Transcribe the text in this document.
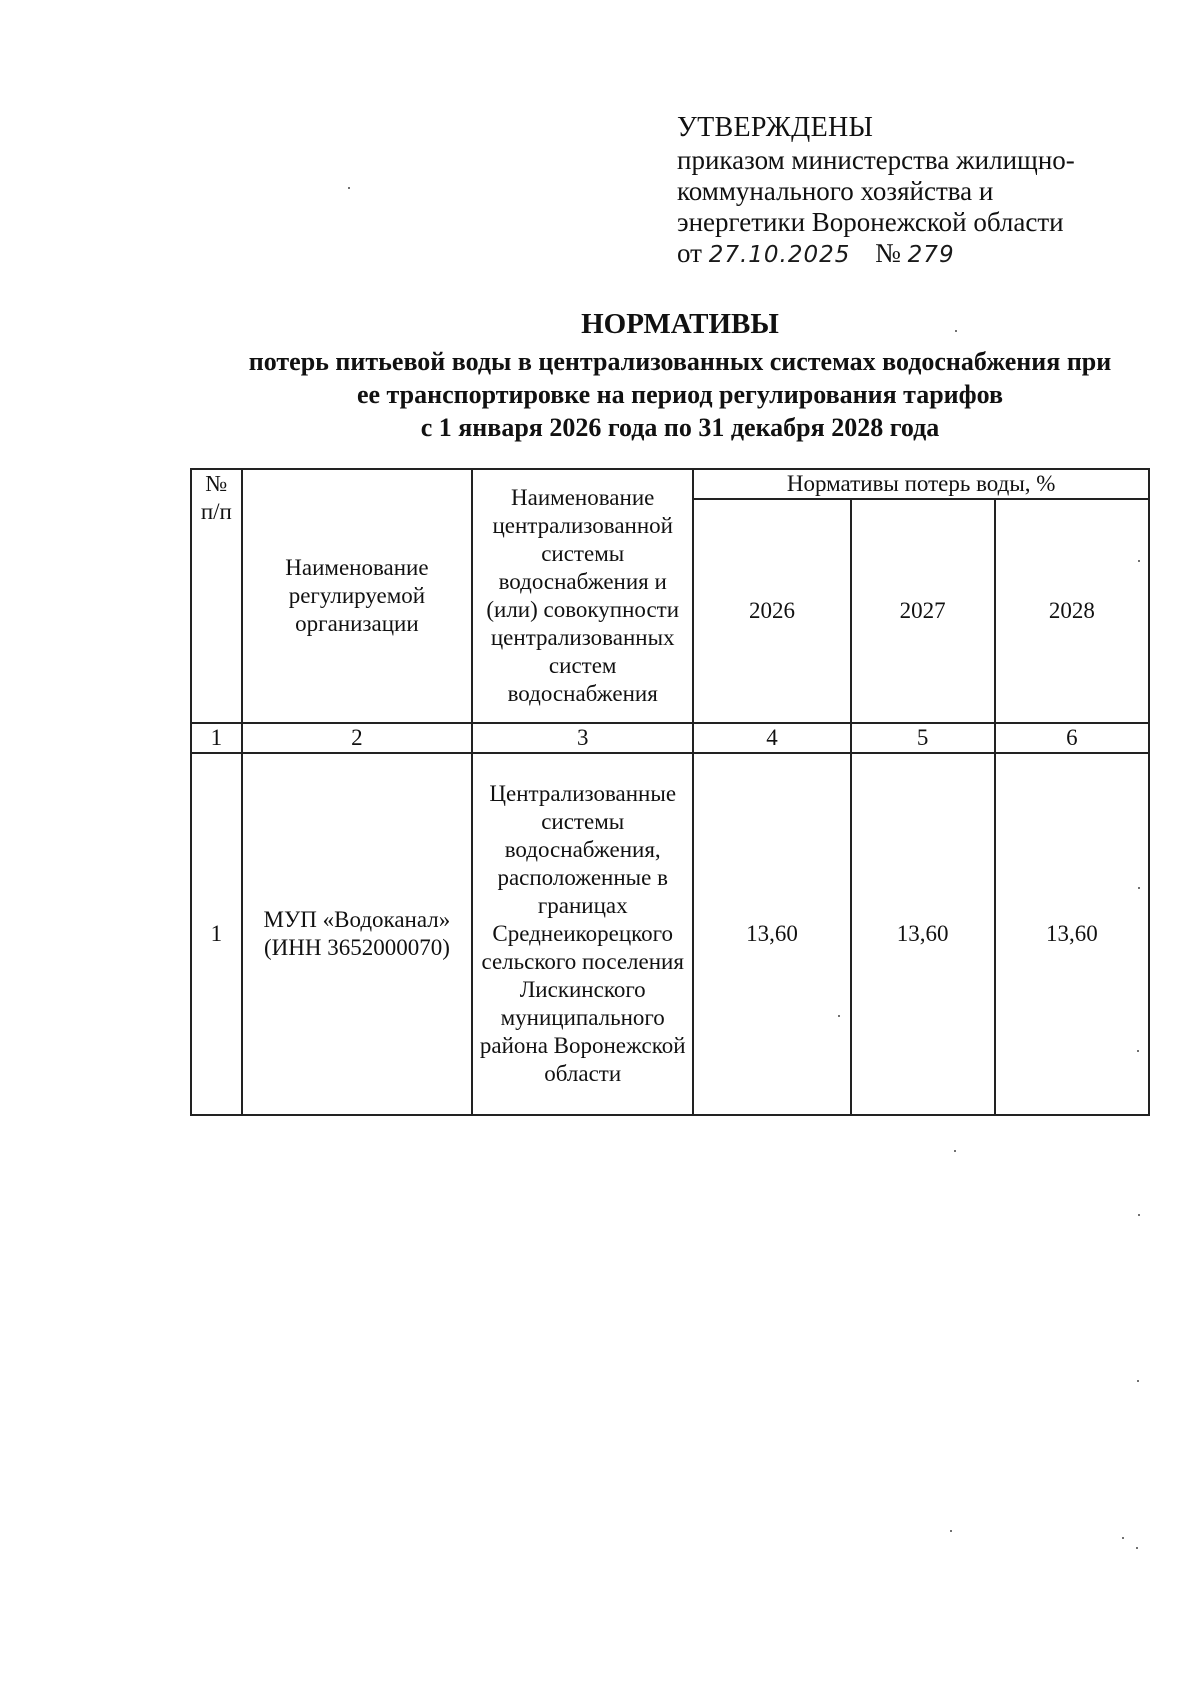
УТВЕРЖДЕНЫ
приказом министерства жилищно-
коммунального хозяйства и
энергетики Воронежской области
от 27.10.2025 № 279
НОРМАТИВЫ
потерь питьевой воды в централизованных системах водоснабжения при
ее транспортировке на период регулирования тарифов
с 1 января 2026 года по 31 декабря 2028 года
№ п/п	Наименование регулируемой организации	Наименование централизованной системы водоснабжения и (или) совокупности централизованных систем водоснабжения	Нормативы потерь воды, %		
			2026	2027	2028
1	2	3	4	5	6
1	МУП «Водоканал» (ИНН 3652000070)	Централизованные системы водоснабжения, расположенные в границах Среднеикорецкого сельского поселения Лискинского муниципального района Воронежской области	13,60	13,60	13,60
